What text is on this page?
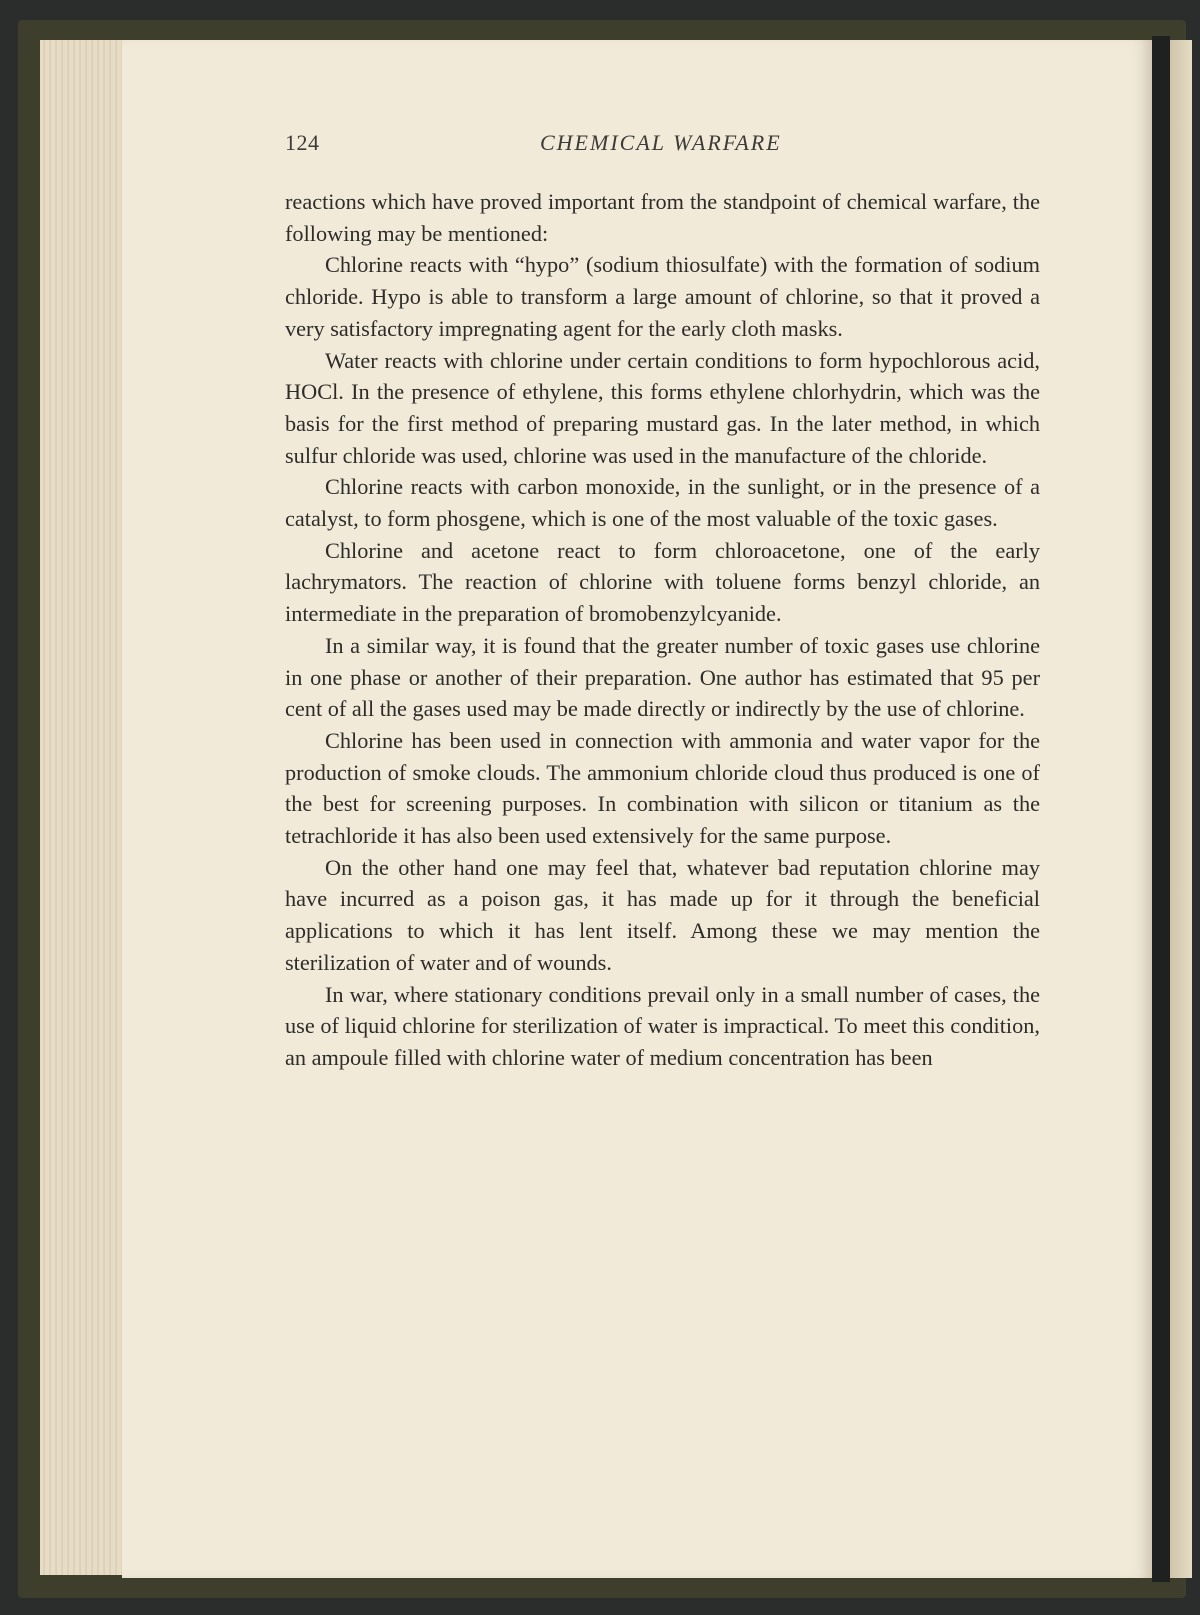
124	CHEMICAL WARFARE

reactions which have proved important from the standpoint of chemical warfare, the following may be mentioned:

Chlorine reacts with “hypo” (sodium thiosulfate) with the formation of sodium chloride. Hypo is able to transform a large amount of chlorine, so that it proved a very satisfactory impregnating agent for the early cloth masks.

Water reacts with chlorine under certain conditions to form hypochlorous acid, HOCl. In the presence of ethylene, this forms ethylene chlorhydrin, which was the basis for the first method of preparing mustard gas. In the later method, in which sulfur chloride was used, chlorine was used in the manufacture of the chloride.

Chlorine reacts with carbon monoxide, in the sunlight, or in the presence of a catalyst, to form phosgene, which is one of the most valuable of the toxic gases.

Chlorine and acetone react to form chloroacetone, one of the early lachrymators. The reaction of chlorine with toluene forms benzyl chloride, an intermediate in the preparation of bromobenzylcyanide.

In a similar way, it is found that the greater number of toxic gases use chlorine in one phase or another of their preparation. One author has estimated that 95 per cent of all the gases used may be made directly or indirectly by the use of chlorine.

Chlorine has been used in connection with ammonia and water vapor for the production of smoke clouds. The ammonium chloride cloud thus produced is one of the best for screening purposes. In combination with silicon or titanium as the tetrachloride it has also been used extensively for the same purpose.

On the other hand one may feel that, whatever bad reputation chlorine may have incurred as a poison gas, it has made up for it through the beneficial applications to which it has lent itself. Among these we may mention the sterilization of water and of wounds.

In war, where stationary conditions prevail only in a small number of cases, the use of liquid chlorine for sterilization of water is impractical. To meet this condition, an ampoule filled with chlorine water of medium concentration has been
